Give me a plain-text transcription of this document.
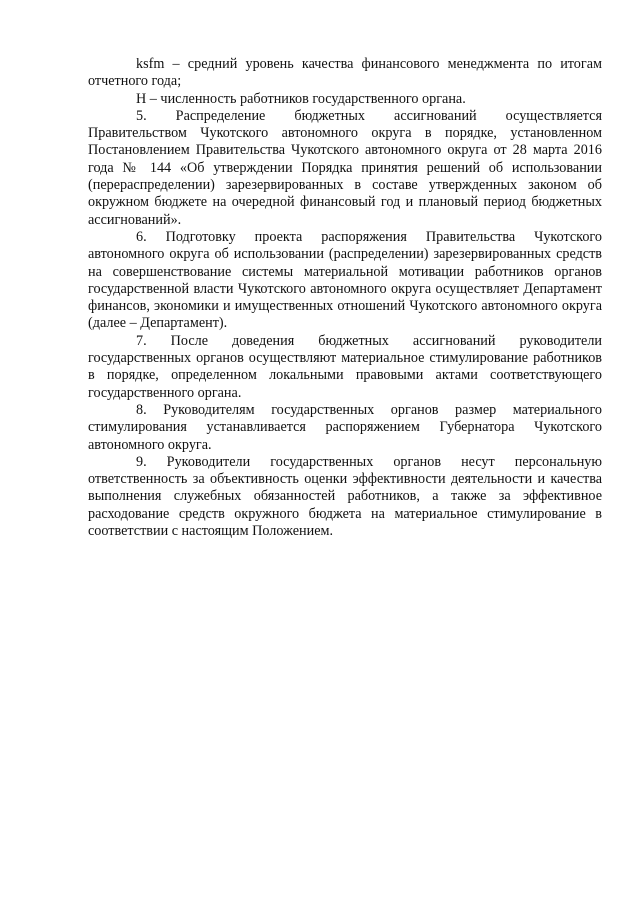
ksfm – средний уровень качества финансового менеджмента по итогам отчетного года;

Н – численность работников государственного органа.

5. Распределение бюджетных ассигнований осуществляется Правительством Чукотского автономного округа в порядке, установленном Постановлением Правительства Чукотского автономного округа от 28 марта 2016 года № 144 «Об утверждении Порядка принятия решений об использовании (перераспределении) зарезервированных в составе утвержденных законом об окружном бюджете на очередной финансовый год и плановый период бюджетных ассигнований».

6. Подготовку проекта распоряжения Правительства Чукотского автономного округа об использовании (распределении) зарезервированных средств на совершенствование системы материальной мотивации работников органов государственной власти Чукотского автономного округа осуществляет Департамент финансов, экономики и имущественных отношений Чукотского автономного округа (далее – Департамент).

7. После доведения бюджетных ассигнований руководители государственных органов осуществляют материальное стимулирование работников в порядке, определенном локальными правовыми актами соответствующего государственного органа.

8. Руководителям государственных органов размер материального стимулирования устанавливается распоряжением Губернатора Чукотского автономного округа.

9. Руководители государственных органов несут персональную ответственность за объективность оценки эффективности деятельности и качества выполнения служебных обязанностей работников, а также за эффективное расходование средств окружного бюджета на материальное стимулирование в соответствии с настоящим Положением.
